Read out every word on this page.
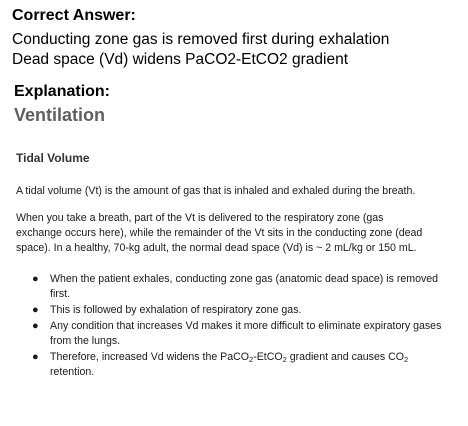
Correct Answer:

Conducting zone gas is removed first during exhalation

Dead space (Vd) widens PaCO2-EtCO2 gradient

Explanation:
Ventilation
Tidal Volume

A tidal volume (Vt) is the amount of gas that is inhaled and exhaled during the breath.

When you take a breath, part of the Vt is delivered to the respiratory zone (gas exchange occurs here), while the remainder of the Vt sits in the conducting zone (dead space). In a healthy, 70-kg adult, the normal dead space (Vd) is ~ 2 mL/kg or 150 mL.

● When the patient exhales, conducting zone gas (anatomic dead space) is removed first.
● This is followed by exhalation of respiratory zone gas.
● Any condition that increases Vd makes it more difficult to eliminate expiratory gases from the lungs.
● Therefore, increased Vd widens the PaCO$_2$-EtCO$_2$ gradient and causes $CO_2$ retention.
